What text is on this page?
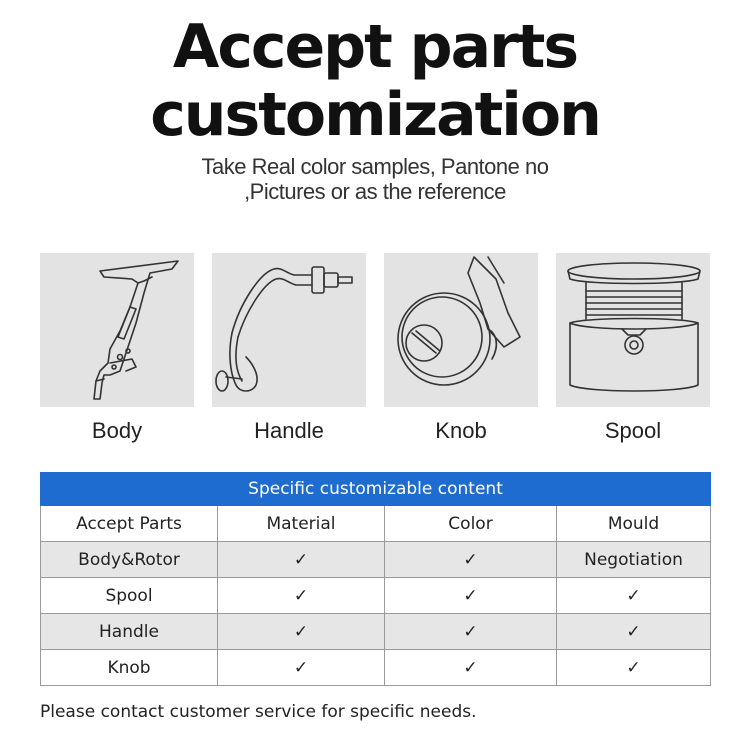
Accept parts
customization
Take Real color samples, Pantone no
,Pictures or as the reference
Body	Handle	Knob	Spool
Specific customizable content			
Accept Parts	Material	Color	Mould
Body&Rotor	✓	✓	Negotiation
Spool	✓	✓	✓
Handle	✓	✓	✓
Knob	✓	✓	✓
Please contact customer service for specific needs.
